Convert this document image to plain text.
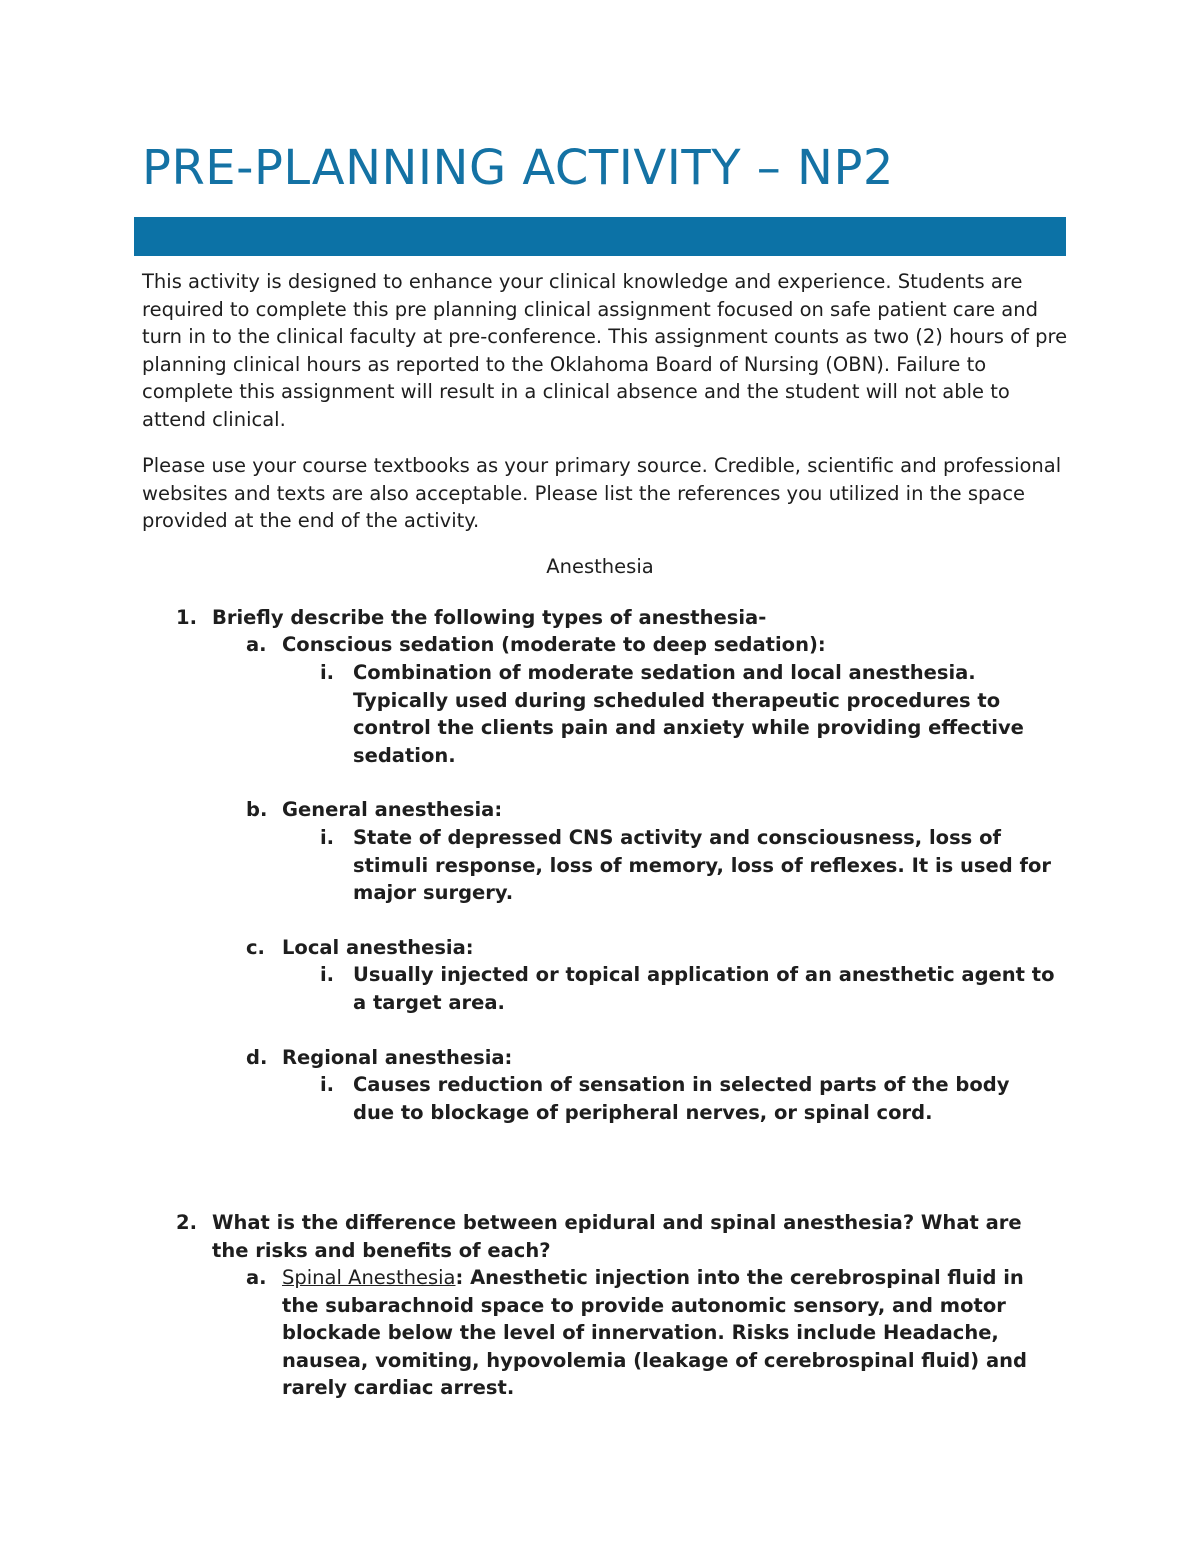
PRE-PLANNING ACTIVITY – NP2
This activity is designed to enhance your clinical knowledge and experience. Students are required to complete this pre planning clinical assignment focused on safe patient care and turn in to the clinical faculty at pre-conference. This assignment counts as two (2) hours of pre planning clinical hours as reported to the Oklahoma Board of Nursing (OBN). Failure to complete this assignment will result in a clinical absence and the student will not able to attend clinical.
Please use your course textbooks as your primary source. Credible, scientific and professional websites and texts are also acceptable. Please list the references you utilized in the space provided at the end of the activity.
Anesthesia
1. Briefly describe the following types of anesthesia-
a. Conscious sedation (moderate to deep sedation):
i. Combination of moderate sedation and local anesthesia. Typically used during scheduled therapeutic procedures to control the clients pain and anxiety while providing effective sedation.
b. General anesthesia:
i. State of depressed CNS activity and consciousness, loss of stimuli response, loss of memory, loss of reflexes. It is used for major surgery.
c. Local anesthesia:
i. Usually injected or topical application of an anesthetic agent to a target area.
d. Regional anesthesia:
i. Causes reduction of sensation in selected parts of the body due to blockage of peripheral nerves, or spinal cord.
2. What is the difference between epidural and spinal anesthesia? What are the risks and benefits of each?
a. Spinal Anesthesia: Anesthetic injection into the cerebrospinal fluid in the subarachnoid space to provide autonomic sensory, and motor blockade below the level of innervation. Risks include Headache, nausea, vomiting, hypovolemia (leakage of cerebrospinal fluid) and rarely cardiac arrest.
